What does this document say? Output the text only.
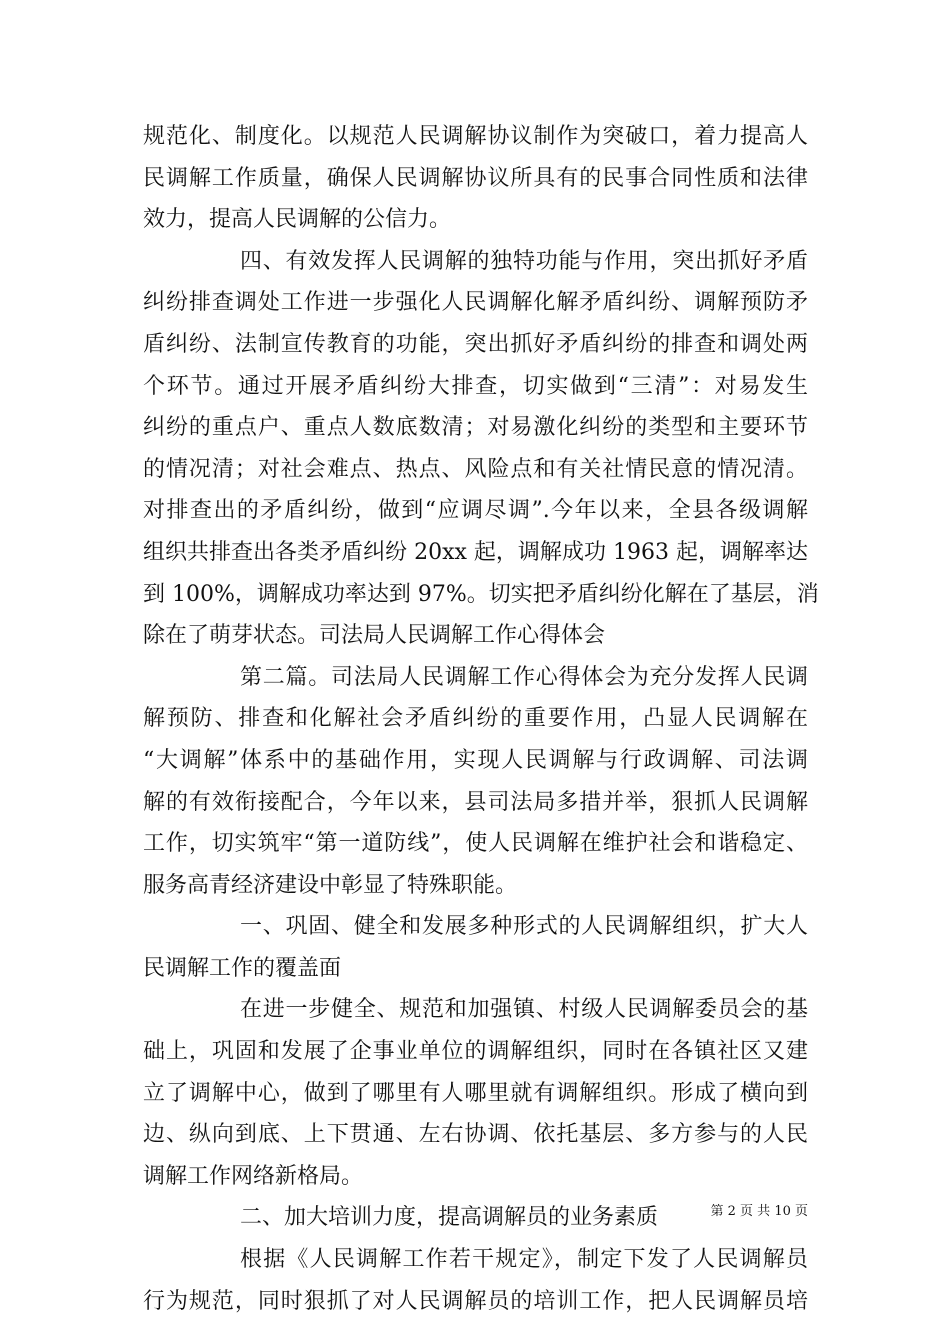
规范化、制度化。以规范人民调解协议制作为突破口，着力提高人
民调解工作质量，确保人民调解协议所具有的民事合同性质和法律
效力，提高人民调解的公信力。
四、有效发挥人民调解的独特功能与作用，突出抓好矛盾
纠纷排查调处工作进一步强化人民调解化解矛盾纠纷、调解预防矛
盾纠纷、法制宣传教育的功能，突出抓好矛盾纠纷的排查和调处两
个环节。通过开展矛盾纠纷大排查，切实做到“三清”：对易发生
纠纷的重点户、重点人数底数清；对易激化纠纷的类型和主要环节
的情况清；对社会难点、热点、风险点和有关社情民意的情况清。
对排查出的矛盾纠纷，做到“应调尽调”.今年以来，全县各级调解
组织共排查出各类矛盾纠纷 20xx 起，调解成功 1963 起，调解率达
到 100%，调解成功率达到 97%。切实把矛盾纠纷化解在了基层，消
除在了萌芽状态。司法局人民调解工作心得体会
第二篇。司法局人民调解工作心得体会为充分发挥人民调
解预防、排查和化解社会矛盾纠纷的重要作用，凸显人民调解在
“大调解”体系中的基础作用，实现人民调解与行政调解、司法调
解的有效衔接配合，今年以来，县司法局多措并举，狠抓人民调解
工作，切实筑牢“第一道防线”，使人民调解在维护社会和谐稳定、
服务高青经济建设中彰显了特殊职能。
一、巩固、健全和发展多种形式的人民调解组织，扩大人
民调解工作的覆盖面
在进一步健全、规范和加强镇、村级人民调解委员会的基
础上，巩固和发展了企事业单位的调解组织，同时在各镇社区又建
立了调解中心，做到了哪里有人哪里就有调解组织。形成了横向到
边、纵向到底、上下贯通、左右协调、依托基层、多方参与的人民
调解工作网络新格局。
二、加大培训力度，提高调解员的业务素质
根据《人民调解工作若干规定》，制定下发了人民调解员
行为规范，同时狠抓了对人民调解员的培训工作，把人民调解员培
第 2 页 共 10 页
